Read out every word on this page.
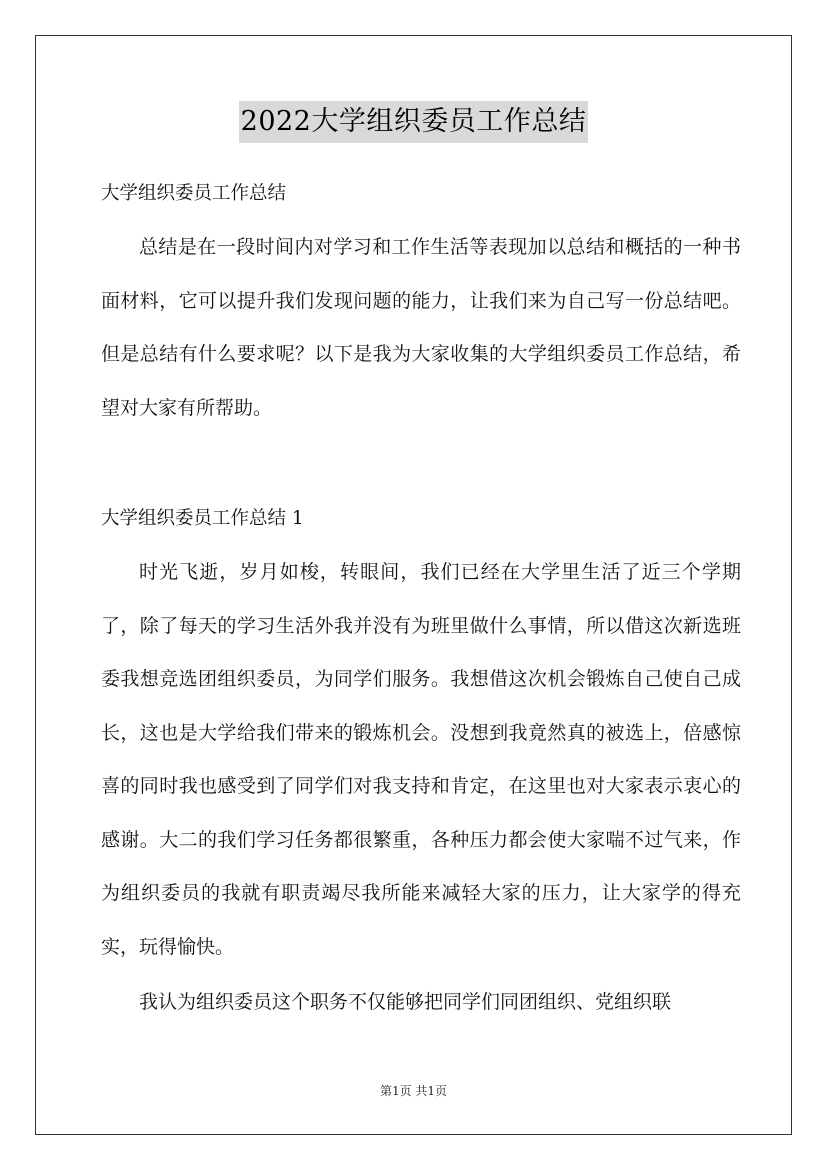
2022大学组织委员工作总结
大学组织委员工作总结
总结是在一段时间内对学习和工作生活等表现加以总结和概括的一种书面材料，它可以提升我们发现问题的能力，让我们来为自己写一份总结吧。但是总结有什么要求呢？以下是我为大家收集的大学组织委员工作总结，希望对大家有所帮助。
大学组织委员工作总结 1
时光飞逝，岁月如梭，转眼间，我们已经在大学里生活了近三个学期了，除了每天的学习生活外我并没有为班里做什么事情，所以借这次新选班委我想竞选团组织委员，为同学们服务。我想借这次机会锻炼自己使自己成长，这也是大学给我们带来的锻炼机会。没想到我竟然真的被选上，倍感惊喜的同时我也感受到了同学们对我支持和肯定，在这里也对大家表示衷心的感谢。大二的我们学习任务都很繁重，各种压力都会使大家喘不过气来，作为组织委员的我就有职责竭尽我所能来减轻大家的压力，让大家学的得充实，玩得愉快。
我认为组织委员这个职务不仅能够把同学们同团组织、党组织联
第1页 共1页
